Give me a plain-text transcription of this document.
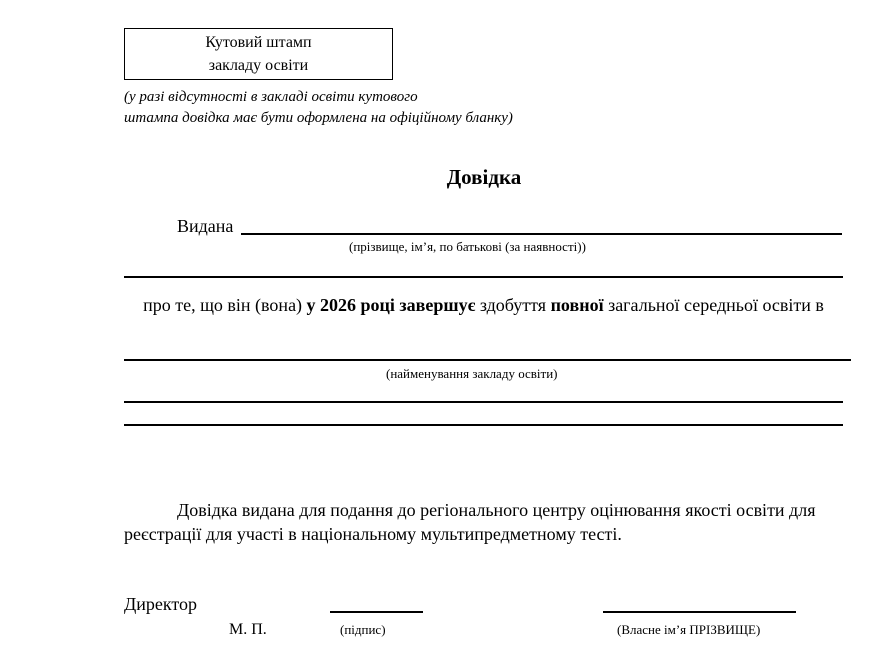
Кутовий штамп
закладу освіти
(у разі відсутності в закладі освіти кутового
штампа довідка має бути оформлена на офіційному бланку)
Довідка
Видана
(прізвище, ім’я, по батькові (за наявності))
про те, що він (вона) у 2026 році завершує здобуття повної загальної середньої освіти в
(найменування закладу освіти)
Довідка видана для подання до регіонального центру оцінювання якості освіти для реєстрації для участі в національному мультипредметному тесті.
Директор
М. П.	(підпис)	(Власне ім’я ПРІЗВИЩЕ)
